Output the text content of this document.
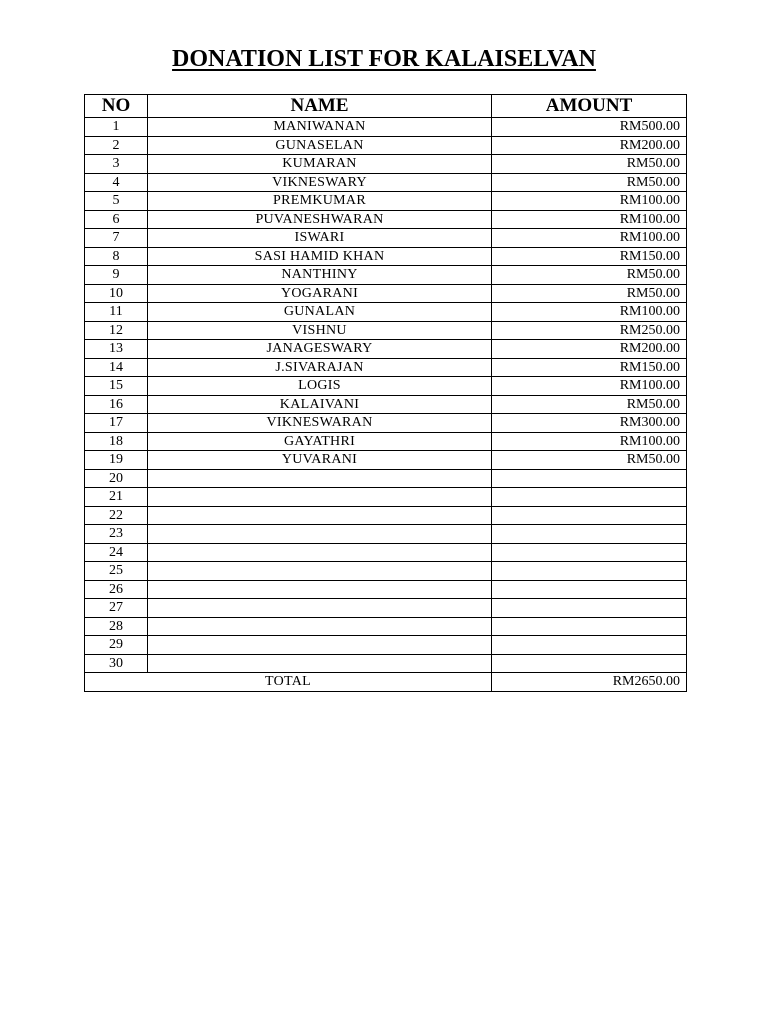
DONATION LIST FOR KALAISELVAN
NO	NAME	AMOUNT
1	MANIWANAN	RM500.00
2	GUNASELAN	RM200.00
3	KUMARAN	RM50.00
4	VIKNESWARY	RM50.00
5	PREMKUMAR	RM100.00
6	PUVANESHWARAN	RM100.00
7	ISWARI	RM100.00
8	SASI HAMID KHAN	RM150.00
9	NANTHINY	RM50.00
10	YOGARANI	RM50.00
11	GUNALAN	RM100.00
12	VISHNU	RM250.00
13	JANAGESWARY	RM200.00
14	J.SIVARAJAN	RM150.00
15	LOGIS	RM100.00
16	KALAIVANI	RM50.00
17	VIKNESWARAN	RM300.00
18	GAYATHRI	RM100.00
19	YUVARANI	RM50.00
20		
21		
22		
23		
24		
25		
26		
27		
28		
29		
30		
TOTAL		RM2650.00
